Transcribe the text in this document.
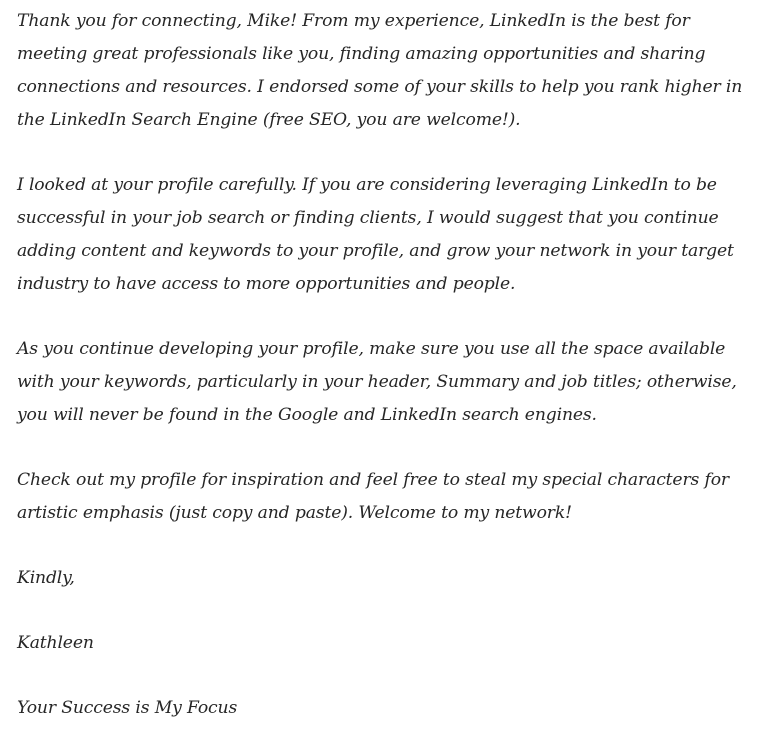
Thank you for connecting, Mike! From my experience, LinkedIn is the best for meeting great professionals like you, finding amazing opportunities and sharing connections and resources. I endorsed some of your skills to help you rank higher in the LinkedIn Search Engine (free SEO, you are welcome!).

I looked at your profile carefully. If you are considering leveraging LinkedIn to be successful in your job search or finding clients, I would suggest that you continue adding content and keywords to your profile, and grow your network in your target industry to have access to more opportunities and people.

As you continue developing your profile, make sure you use all the space available with your keywords, particularly in your header, Summary and job titles; otherwise, you will never be found in the Google and LinkedIn search engines.

Check out my profile for inspiration and feel free to steal my special characters for artistic emphasis (just copy and paste). Welcome to my network!

Kindly,

Kathleen

Your Success is My Focus
